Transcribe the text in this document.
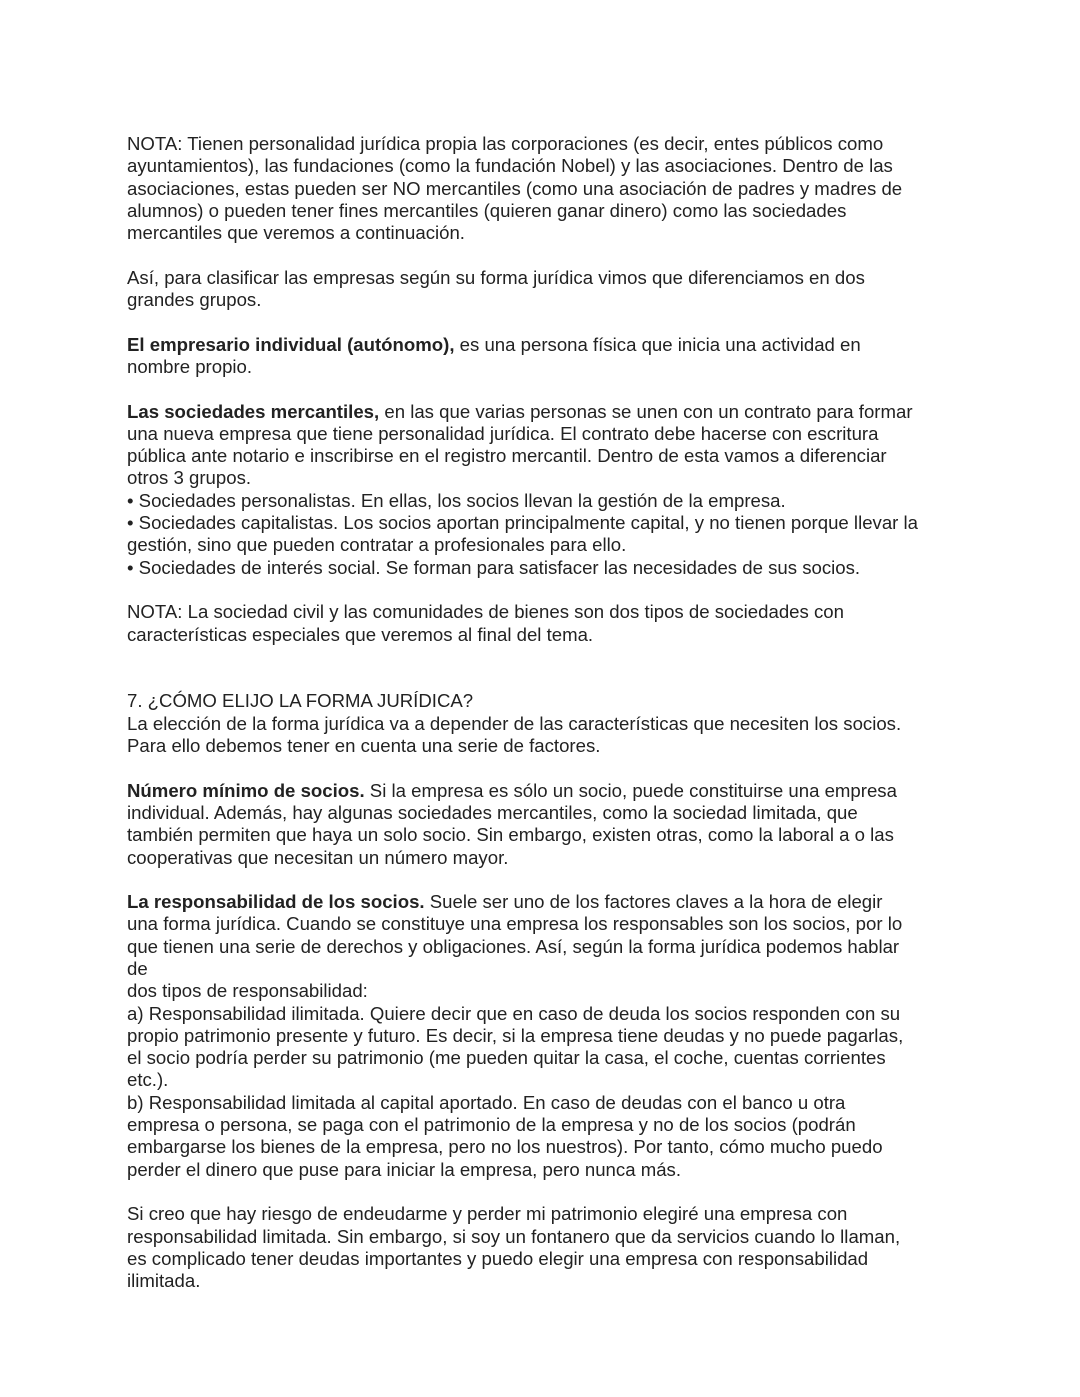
NOTA: Tienen personalidad jurídica propia las corporaciones (es decir, entes públicos como

ayuntamientos), las fundaciones (como la fundación Nobel) y las asociaciones. Dentro de las

asociaciones, estas pueden ser NO mercantiles (como una asociación de padres y madres de

alumnos) o pueden tener fines mercantiles (quieren ganar dinero) como las sociedades

mercantiles que veremos a continuación.

Así, para clasificar las empresas según su forma jurídica vimos que diferenciamos en dos

grandes grupos.

El empresario individual (autónomo), es una persona física que inicia una actividad en

nombre propio.

Las sociedades mercantiles, en las que varias personas se unen con un contrato para formar

una nueva empresa que tiene personalidad jurídica. El contrato debe hacerse con escritura

pública ante notario e inscribirse en el registro mercantil. Dentro de esta vamos a diferenciar

otros 3 grupos.

• Sociedades personalistas. En ellas, los socios llevan la gestión de la empresa.

• Sociedades capitalistas. Los socios aportan principalmente capital, y no tienen porque llevar la

gestión, sino que pueden contratar a profesionales para ello.

• Sociedades de interés social. Se forman para satisfacer las necesidades de sus socios.

NOTA: La sociedad civil y las comunidades de bienes son dos tipos de sociedades con

características especiales que veremos al final del tema.

7. ¿CÓMO ELIJO LA FORMA JURÍDICA?

La elección de la forma jurídica va a depender de las características que necesiten los socios.

Para ello debemos tener en cuenta una serie de factores.

Número mínimo de socios. Si la empresa es sólo un socio, puede constituirse una empresa

individual. Además, hay algunas sociedades mercantiles, como la sociedad limitada, que

también permiten que haya un solo socio. Sin embargo, existen otras, como la laboral a o las

cooperativas que necesitan un número mayor.

La responsabilidad de los socios. Suele ser uno de los factores claves a la hora de elegir

una forma jurídica. Cuando se constituye una empresa los responsables son los socios, por lo

que tienen una serie de derechos y obligaciones. Así, según la forma jurídica podemos hablar

de

dos tipos de responsabilidad:

a) Responsabilidad ilimitada. Quiere decir que en caso de deuda los socios responden con su

propio patrimonio presente y futuro. Es decir, si la empresa tiene deudas y no puede pagarlas,

el socio podría perder su patrimonio (me pueden quitar la casa, el coche, cuentas corrientes

etc.).

b) Responsabilidad limitada al capital aportado. En caso de deudas con el banco u otra

empresa o persona, se paga con el patrimonio de la empresa y no de los socios (podrán

embargarse los bienes de la empresa, pero no los nuestros). Por tanto, cómo mucho puedo

perder el dinero que puse para iniciar la empresa, pero nunca más.

Si creo que hay riesgo de endeudarme y perder mi patrimonio elegiré una empresa con

responsabilidad limitada. Sin embargo, si soy un fontanero que da servicios cuando lo llaman,

es complicado tener deudas importantes y puedo elegir una empresa con responsabilidad

ilimitada.
